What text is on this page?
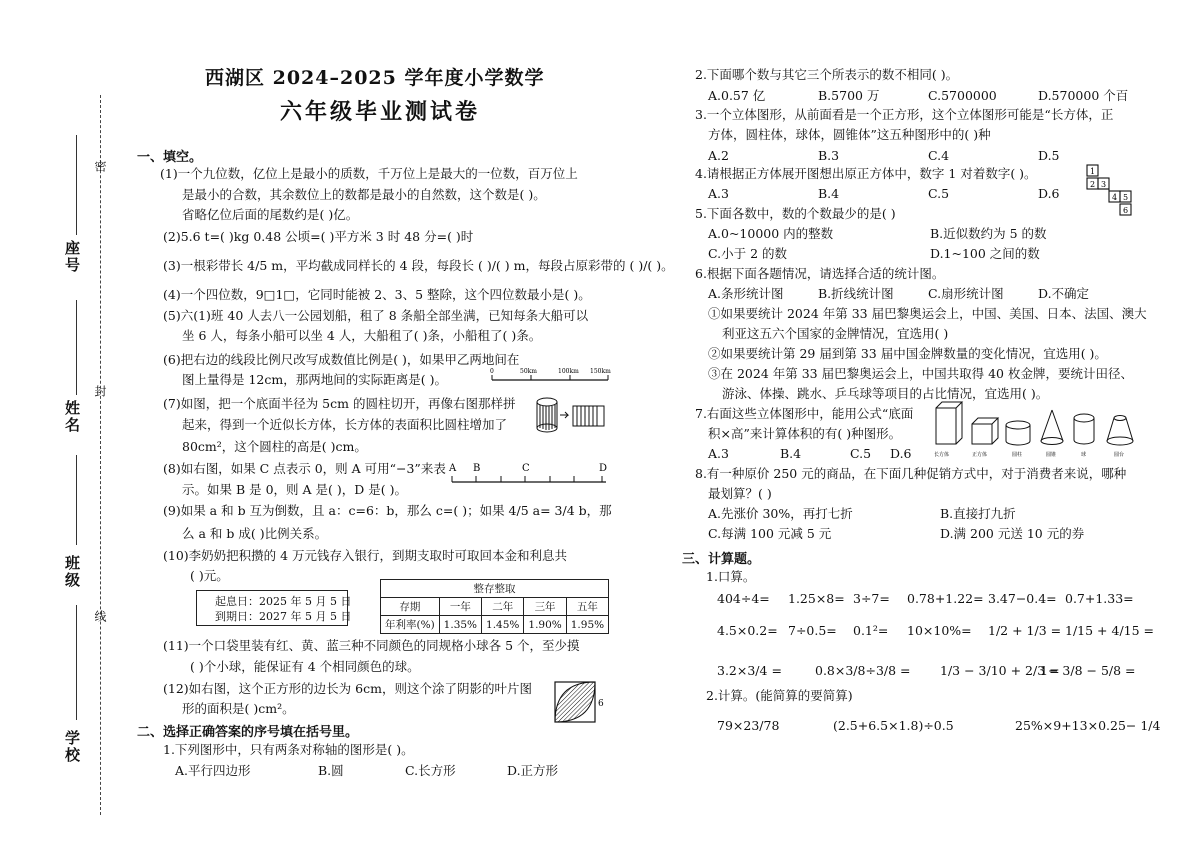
密
封
线
座号
姓名
班级
学校
西湖区 2024–2025 学年度小学数学
六年级毕业测试卷
一、填空。
(1)一个九位数，亿位上是最小的质数，千万位上是最大的一位数，百万位上
是最小的合数，其余数位上的数都是最小的自然数，这个数是( )。
省略亿位后面的尾数约是( )亿。
(2)5.6 t=( )kg 0.48 公顷=( )平方米 3 时 48 分=( )时
(3)一根彩带长 4/5 m，平均截成同样长的 4 段，每段长 ( )/( ) m，每段占原彩带的 ( )/( )。
(4)一个四位数，9□1□，它同时能被 2、3、5 整除，这个四位数最小是( )。
(5)六(1)班 40 人去八一公园划船，租了 8 条船全部坐满，已知每条大船可以
坐 6 人，每条小船可以坐 4 人，大船租了( )条，小船租了( )条。
(6)把右边的线段比例尺改写成数值比例是( )，如果甲乙两地间在
图上量得是 12cm，那两地间的实际距离是( )。
0	50km	100km 150km
(7)如图，把一个底面半径为 5cm 的圆柱切开，再像右图那样拼
起来，得到一个近似长方体，长方体的表面积比圆柱增加了
80cm²，这个圆柱的高是( )cm。
(8)如右图，如果 C 点表示 0，则 A 可用“−3”来表
示。如果 B 是 0，则 A 是( )，D 是( )。
A B	C	D
(9)如果 a 和 b 互为倒数，且 a：c=6：b，那么 c=( )；如果 4/5 a= 3/4 b，那
么 a 和 b 成( )比例关系。
(10)李奶奶把积攒的 4 万元钱存入银行，到期支取时可取回本金和利息共
( )元。
起息日：2025 年 5 月 5 日
到期日：2027 年 5 月 5 日
整存整取				
存期	一年	二年	三年	五年
年利率(%)	1.35%	1.45%	1.90%	1.95%
(11)一个口袋里装有红、黄、蓝三种不同颜色的同规格小球各 5 个，至少摸
( )个小球，能保证有 4 个相同颜色的球。
(12)如右图，这个正方形的边长为 6cm，则这个涂了阴影的叶片图
形的面积是( )cm²。	6
二、选择正确答案的序号填在括号里。
1.下列图形中，只有两条对称轴的图形是( )。
A.平行四边形	B.圆	C.长方形	D.正方形
2.下面哪个数与其它三个所表示的数不相同( )。
A.0.57 亿	B.5700 万	C.5700000	D.570000 个百
3.一个立体图形，从前面看是一个正方形，这个立体图形可能是“长方体，正
方体，圆柱体，球体，圆锥体”这五种图形中的( )种
A.2	B.3	C.4	D.5
4.请根据正方体展开图想出原正方体中，数字 1 对着数字( )。
A.3	B.4	C.5	D.6
1
2 3
4 5
6
5.下面各数中，数的个数最少的是( )
A.0~10000 内的整数	B.近似数约为 5 的数
C.小于 2 的数	D.1~100 之间的数
6.根据下面各题情况，请选择合适的统计图。
A.条形统计图	B.折线统计图	C.扇形统计图	D.不确定
①如果要统计 2024 年第 33 届巴黎奥运会上，中国、美国、日本、法国、澳大
利亚这五六个国家的金牌情况，宜选用( )
②如果要统计第 29 届到第 33 届中国金牌数量的变化情况，宜选用( )。
③在 2024 年第 33 届巴黎奥运会上，中国共取得 40 枚金牌，要统计田径、
游泳、体操、跳水、乒乓球等项目的占比情况，宜选用( )。
7.右面这些立体图形中，能用公式“底面
积×高”来计算体积的有( )种图形。
A.3	B.4	C.5 D.6	长方体	正方体	圆柱	圆锥	球	圆台
8.有一种原价 250 元的商品，在下面几种促销方式中，对于消费者来说，哪种
最划算？( )
A.先涨价 30%，再打七折	B.直接打九折
C.每满 100 元减 5 元	D.满 200 元送 10 元的券
三、计算题。
1.口算。
404÷4= 1.25×8= 3÷7= 0.78+1.22= 3.47−0.4= 0.7+1.33=
4.5×0.2= 7÷0.5= 0.1²= 10×10%= 1/2 + 1/3 = 1/15 + 4/15 =
3.2×3/4 =	0.8×3/8÷3/8 = 1/3 − 3/10 + 2/3 =
1− 3/8 − 5/8 =
2.计算。(能简算的要简算)
79×23/78	(2.5+6.5×1.8)÷0.5	25%×9+13×0.25− 1/4
